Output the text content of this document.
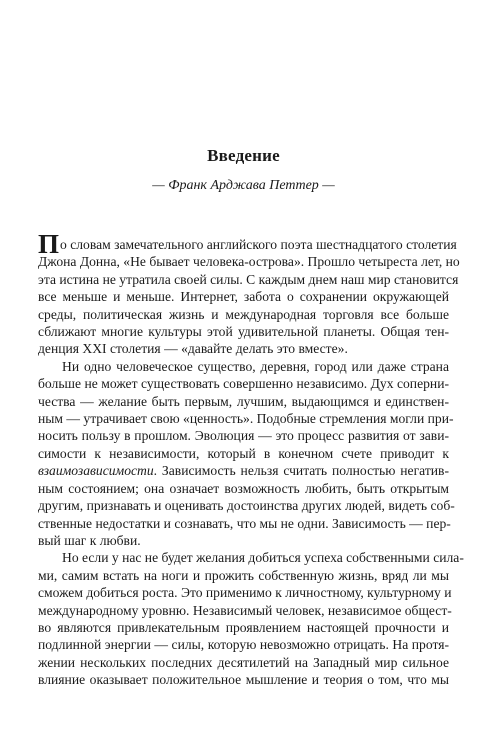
Введение
— Франк Арджава Петтер —
По словам замечательного английского поэта шестнадцатого столетия
Джона Донна, «Не бывает человека-острова». Прошло четыреста лет, но
эта истина не утратила своей силы. С каждым днем наш мир становится
все меньше и меньше. Интернет, забота о сохранении окружающей
среды, политическая жизнь и международная торговля все больше
сближают многие культуры этой удивительной планеты. Общая тен-
денция XXI столетия — «давайте делать это вместе».
Ни одно человеческое существо, деревня, город или даже страна
больше не может существовать совершенно независимо. Дух соперни-
чества — желание быть первым, лучшим, выдающимся и единствен-
ным — утрачивает свою «ценность». Подобные стремления могли при-
носить пользу в прошлом. Эволюция — это процесс развития от зави-
симости к независимости, который в конечном счете приводит к
взаимозависимости. Зависимость нельзя считать полностью негатив-
ным состоянием; она означает возможность любить, быть открытым
другим, признавать и оценивать достоинства других людей, видеть соб-
ственные недостатки и сознавать, что мы не одни. Зависимость — пер-
вый шаг к любви.
Но если у нас не будет желания добиться успеха собственными сила-
ми, самим встать на ноги и прожить собственную жизнь, вряд ли мы
сможем добиться роста. Это применимо к личностному, культурному и
международному уровню. Независимый человек, независимое общест-
во являются привлекательным проявлением настоящей прочности и
подлинной энергии — силы, которую невозможно отрицать. На протя-
жении нескольких последних десятилетий на Западный мир сильное
влияние оказывает положительное мышление и теория о том, что мы
